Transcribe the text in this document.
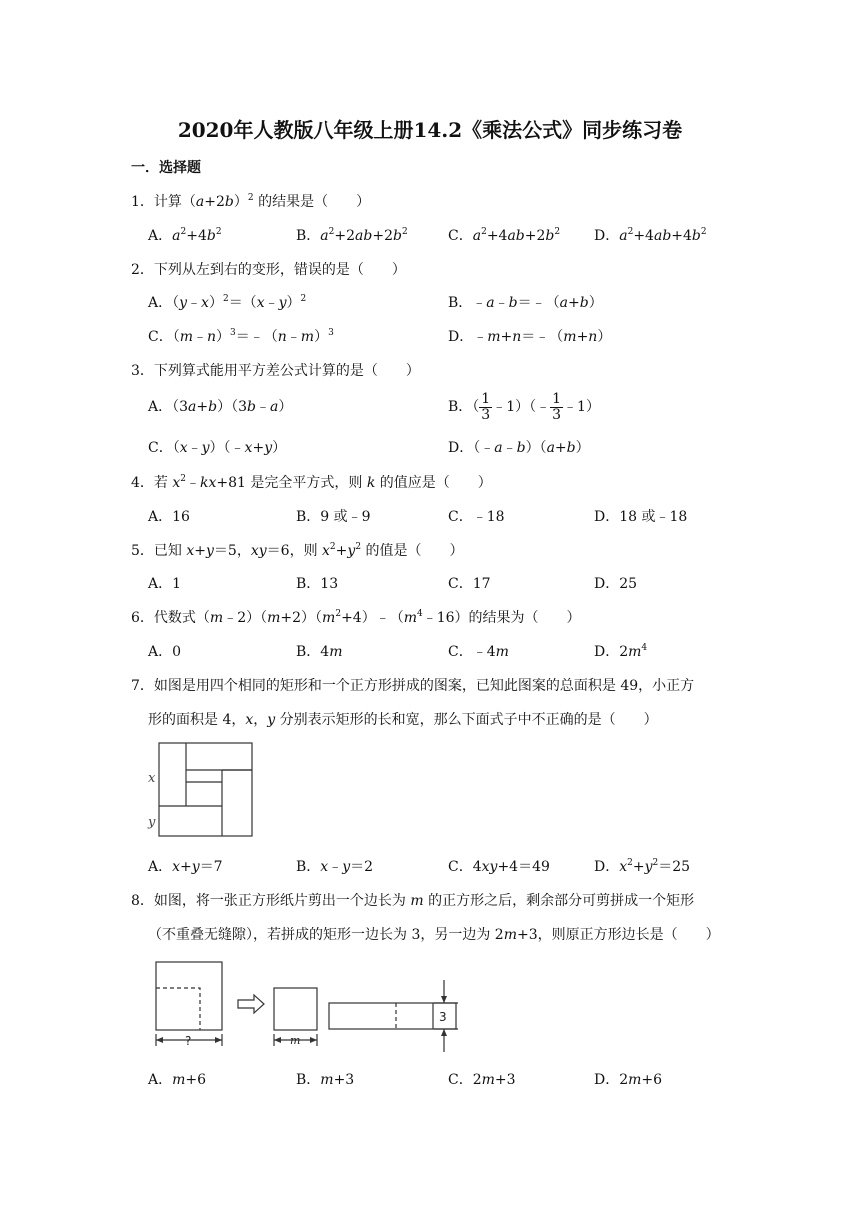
2020年人教版八年级上册14.2《乘法公式》同步练习卷
一．选择题
1．计算$(a+2b)^2$ 的结果是（　　）
A．$a^2+4b^2$	B．$a^2+2ab+2b^2$	C．$a^2+4ab+2b^2$ D．$a^2+4ab+4b^2$
2．下列从左到右的变形，错误的是（　　）
A．（y﹣x）$^2$＝（x﹣y）$^2$	B．﹣a﹣b＝﹣（a+b）
C．（m﹣n）$^3$＝﹣（n﹣m）$^3$	D．﹣m+n＝﹣（m+n）
3．下列算式能用平方差公式计算的是（　　）
A．（3a+b）（3b﹣a）	B．（ $\frac{1}{3}$ ﹣1）（﹣ $\frac{1}{3}$ ﹣1）
C．（x﹣y）（﹣x+y）	D．（﹣a﹣b）（a+b）
4．若 $x^2﹣kx+81$ 是完全平方式，则 k 的值应是（　　）
A．16	B．9 或﹣9	C．﹣18	D．18 或﹣18
5．已知 x+y＝5，xy＝6，则 $x^2+y^2$ 的值是（　　）
A．1	B．13	C．17	D．25
6．代数式$(m﹣2)(m+2)(m^2+4)﹣(m^4﹣16)$的结果为（　　）
A．0	B．4m	C．﹣4m	D．$2m^4$
7．如图是用四个相同的矩形和一个正方形拼成的图案，已知此图案的总面积是 49，小正方
形的面积是 4，x，y 分别表示矩形的长和宽，那么下面式子中不正确的是（　　）
x
y
A．x+y＝7	B．x﹣y＝2	C．4xy+4＝49	D．$x^2+y^2=25$
8．如图，将一张正方形纸片剪出一个边长为 m 的正方形之后，剩余部分可剪拼成一个矩形
（不重叠无缝隙），若拼成的矩形一边长为 3，另一边为 2m+3，则原正方形边长是（　　）
?	m
3
A．m+6	B．m+3	C．2m+3	D．2m+6
